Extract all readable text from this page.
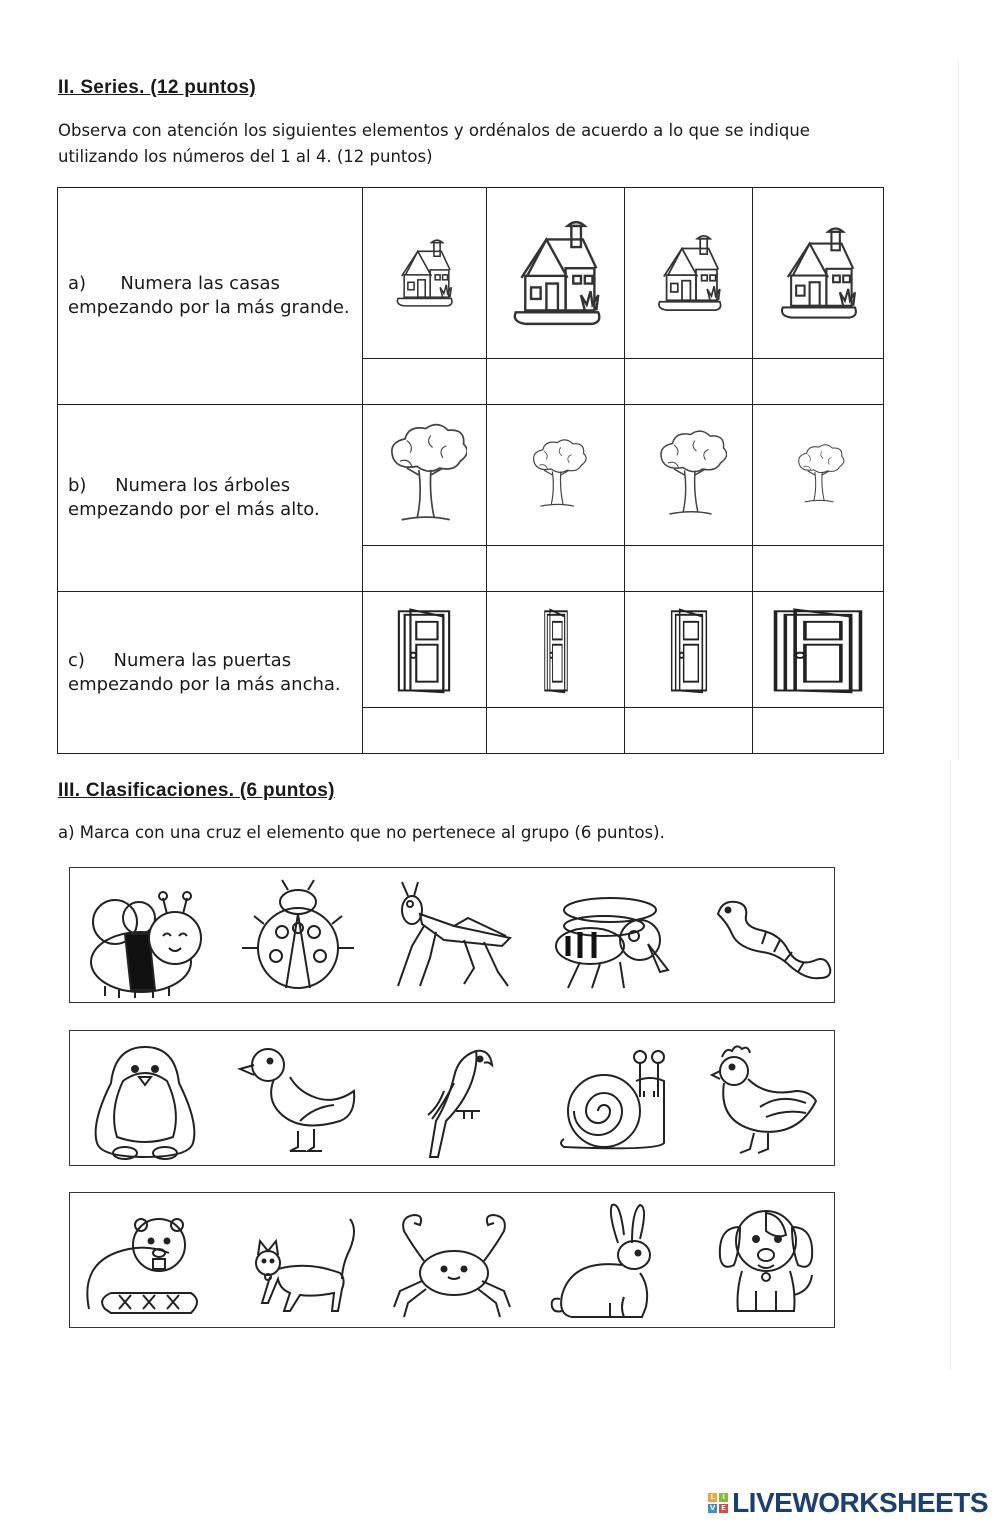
II. Series. (12 puntos)
Observa con atención los siguientes elementos y ordénalos de acuerdo a lo que se indique utilizando los números del 1 al 4. (12 puntos)
a) Numera las casas empezando por la más grande.	

b) Numera los árboles empezando por el más alto.	

c) Numera las puertas empezando por la más ancha.	

III. Clasificaciones. (6 puntos)
a) Marca con una cruz el elemento que no pertenece al grupo (6 puntos).
L	I
V E LIVEWORKSHEETS
